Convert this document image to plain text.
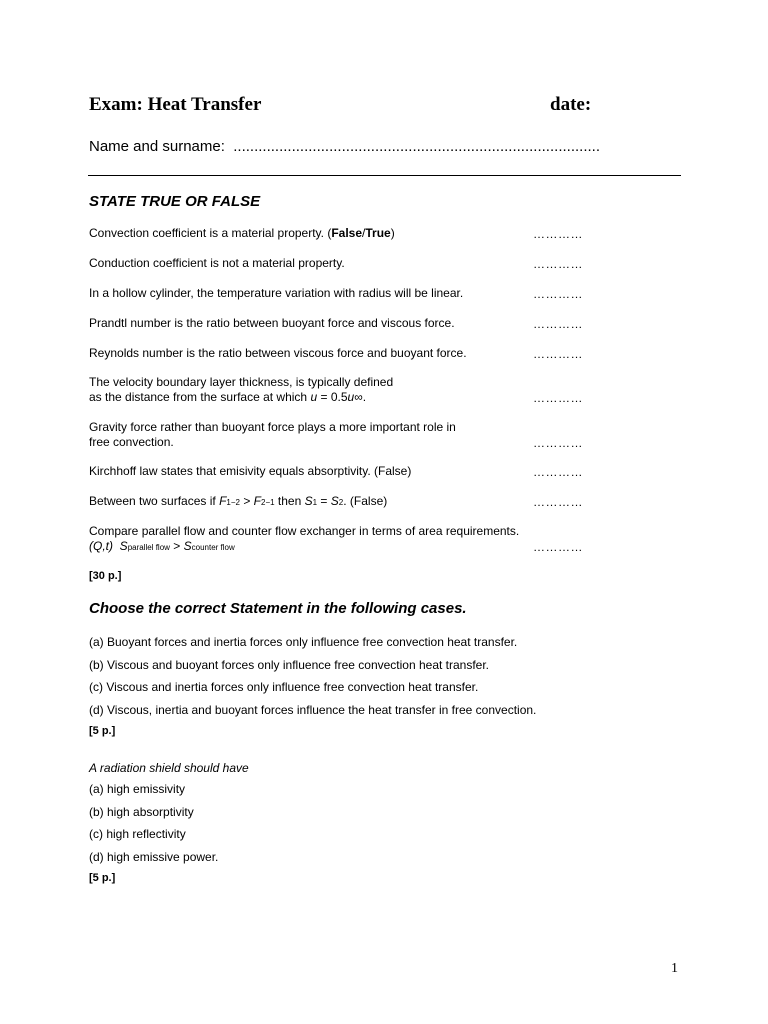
Exam: Heat Transfer	date:
Name and surname: ........................................................................................
STATE TRUE OR FALSE
Convection coefficient is a material property. (False/True)	…………
Conduction coefficient is not a material property.	…………
In a hollow cylinder, the temperature variation with radius will be linear.	…………
Prandtl number is the ratio between buoyant force and viscous force.	…………
Reynolds number is the ratio between viscous force and buoyant force.	…………
The velocity boundary layer thickness, is typically defined
as the distance from the surface at which u = 0.5u∞.	…………
Gravity force rather than buoyant force plays a more important role in
free convection.	…………
Kirchhoff law states that emisivity equals absorptivity. (False)	…………
Between two surfaces if F1−2 > F2−1 then S1 = S2. (False)	…………
Compare parallel flow and counter flow exchanger in terms of area requirements.
(Q,t) Sparallel flow > Scounter flow	…………
[30 p.]
Choose the correct Statement in the following cases.
(a) Buoyant forces and inertia forces only influence free convection heat transfer.
(b) Viscous and buoyant forces only influence free convection heat transfer.
(c) Viscous and inertia forces only influence free convection heat transfer.
(d) Viscous, inertia and buoyant forces influence the heat transfer in free convection.
[5 p.]
A radiation shield should have
(a) high emissivity
(b) high absorptivity
(c) high reflectivity
(d) high emissive power.
[5 p.]
1
